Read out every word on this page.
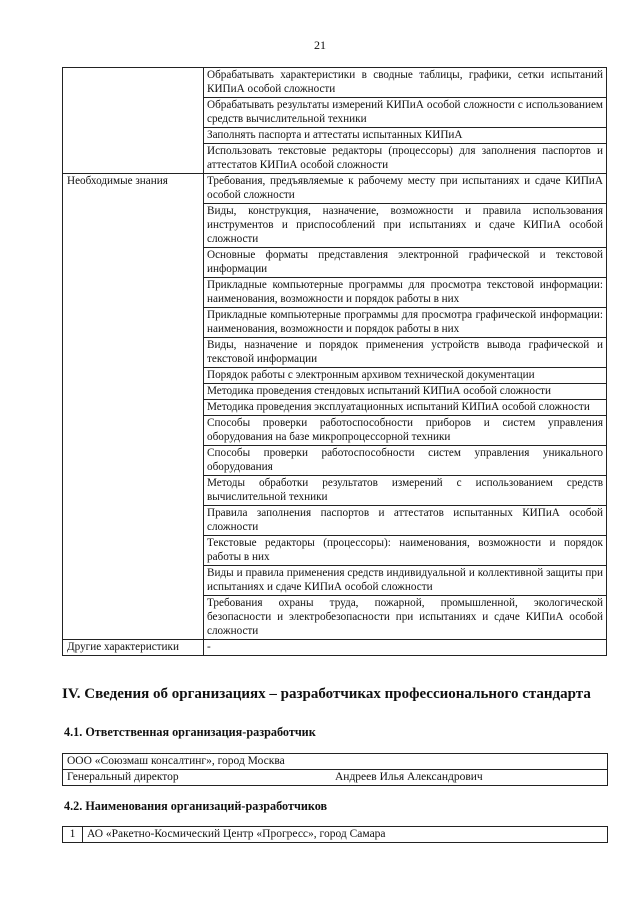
21
	Обрабатывать характеристики в сводные таблицы, графики, сетки испытаний КИПиА особой сложности
	Обрабатывать результаты измерений КИПиА особой сложности с использованием средств вычислительной техники
	Заполнять паспорта и аттестаты испытанных КИПиА
	Использовать текстовые редакторы (процессоры) для заполнения паспортов и аттестатов КИПиА особой сложности
Необходимые знания	Требования, предъявляемые к рабочему месту при испытаниях и сдаче КИПиА особой сложности
	Виды, конструкция, назначение, возможности и правила использования инструментов и приспособлений при испытаниях и сдаче КИПиА особой сложности
	Основные форматы представления электронной графической и текстовой информации
	Прикладные компьютерные программы для просмотра текстовой информации: наименования, возможности и порядок работы в них
	Прикладные компьютерные программы для просмотра графической информации: наименования, возможности и порядок работы в них
	Виды, назначение и порядок применения устройств вывода графической и текстовой информации
	Порядок работы с электронным архивом технической документации
	Методика проведения стендовых испытаний КИПиА особой сложности
	Методика проведения эксплуатационных испытаний КИПиА особой сложности
	Способы проверки работоспособности приборов и систем управления оборудования на базе микропроцессорной техники
	Способы проверки работоспособности систем управления уникального оборудования
	Методы обработки результатов измерений с использованием средств вычислительной техники
	Правила заполнения паспортов и аттестатов испытанных КИПиА особой сложности
	Текстовые редакторы (процессоры): наименования, возможности и порядок работы в них
	Виды и правила применения средств индивидуальной и коллективной защиты при испытаниях и сдаче КИПиА особой сложности
	Требования охраны труда, пожарной, промышленной, экологической безопасности и электробезопасности при испытаниях и сдаче КИПиА особой сложности
Другие характеристики	-
IV. Сведения об организациях – разработчиках профессионального стандарта
4.1. Ответственная организация-разработчик
ООО «Союзмаш консалтинг», город Москва
Генеральный директор	Андреев Илья Александрович
4.2. Наименования организаций-разработчиков
1	АО «Ракетно-Космический Центр «Прогресс», город Самара
